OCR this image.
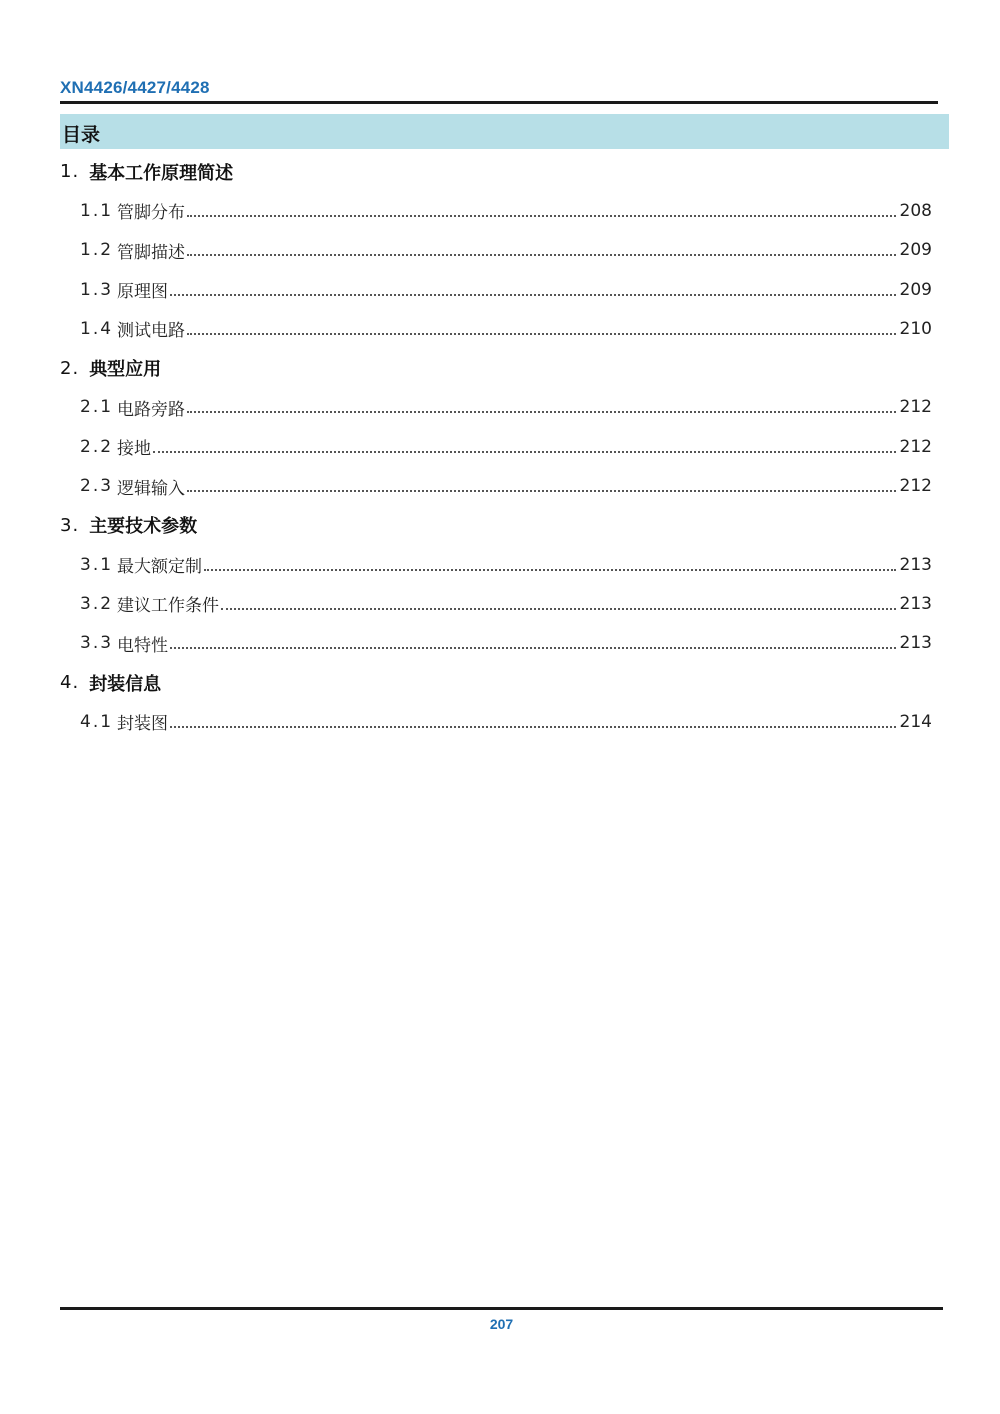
XN4426/4427/4428
目录
1. 基本工作原理简述
1.1 管脚分布	208
1.2 管脚描述	209
1.3 原理图	209
1.4 测试电路	210
2. 典型应用
2.1 电路旁路	212
2.2 接地	212
2.3 逻辑输入	212
3. 主要技术参数
3.1 最大额定制	213
3.2 建议工作条件	213
3.3 电特性	213
4. 封装信息
4.1 封装图	214
207
